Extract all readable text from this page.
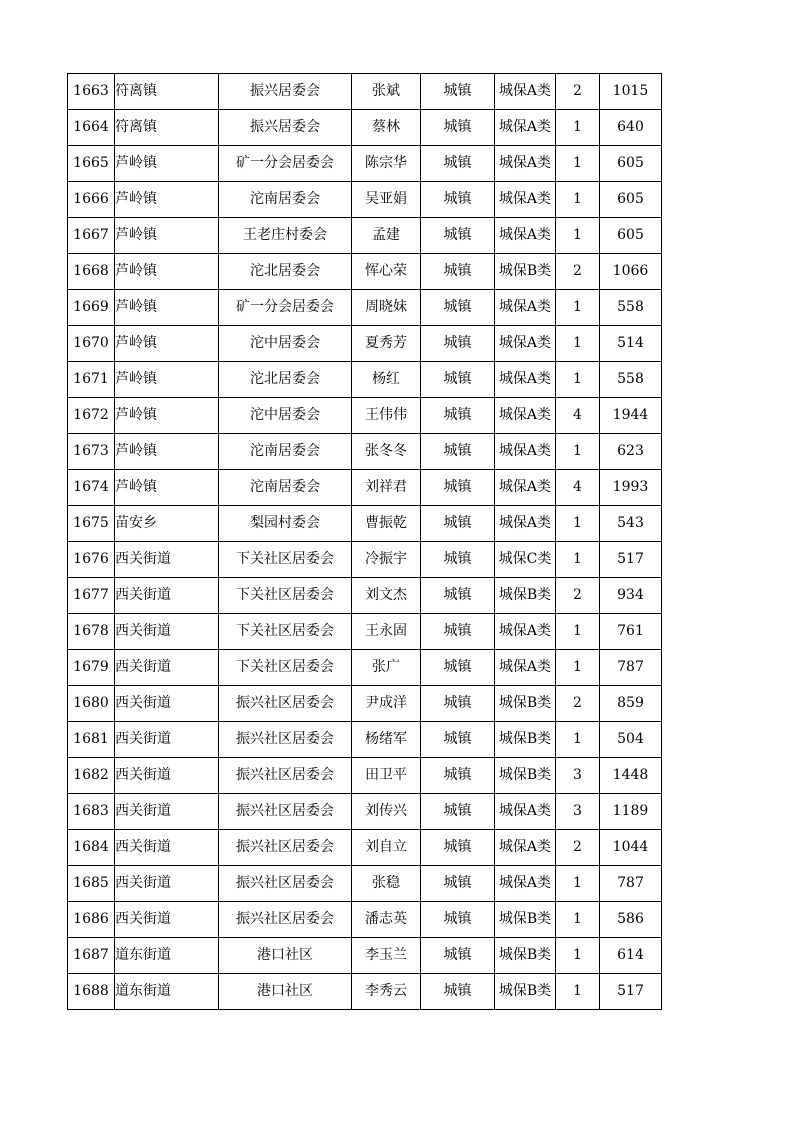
1663	符离镇	振兴居委会	张斌	城镇	城保A类	2	1015
1664	符离镇	振兴居委会	蔡林	城镇	城保A类	1	640
1665	芦岭镇	矿一分会居委会	陈宗华	城镇	城保A类	1	605
1666	芦岭镇	沱南居委会	吴亚娟	城镇	城保A类	1	605
1667	芦岭镇	王老庄村委会	孟建	城镇	城保A类	1	605
1668	芦岭镇	沱北居委会	恽心荣	城镇	城保B类	2	1066
1669	芦岭镇	矿一分会居委会	周晓妹	城镇	城保A类	1	558
1670	芦岭镇	沱中居委会	夏秀芳	城镇	城保A类	1	514
1671	芦岭镇	沱北居委会	杨红	城镇	城保A类	1	558
1672	芦岭镇	沱中居委会	王伟伟	城镇	城保A类	4	1944
1673	芦岭镇	沱南居委会	张冬冬	城镇	城保A类	1	623
1674	芦岭镇	沱南居委会	刘祥君	城镇	城保A类	4	1993
1675	苗安乡	梨园村委会	曹振乾	城镇	城保A类	1	543
1676	西关街道	下关社区居委会	冷振宇	城镇	城保C类	1	517
1677	西关街道	下关社区居委会	刘文杰	城镇	城保B类	2	934
1678	西关街道	下关社区居委会	王永固	城镇	城保A类	1	761
1679	西关街道	下关社区居委会	张广	城镇	城保A类	1	787
1680	西关街道	振兴社区居委会	尹成洋	城镇	城保B类	2	859
1681	西关街道	振兴社区居委会	杨绪军	城镇	城保B类	1	504
1682	西关街道	振兴社区居委会	田卫平	城镇	城保B类	3	1448
1683	西关街道	振兴社区居委会	刘传兴	城镇	城保A类	3	1189
1684	西关街道	振兴社区居委会	刘自立	城镇	城保A类	2	1044
1685	西关街道	振兴社区居委会	张稳	城镇	城保A类	1	787
1686	西关街道	振兴社区居委会	潘志英	城镇	城保B类	1	586
1687	道东街道	港口社区	李玉兰	城镇	城保B类	1	614
1688	道东街道	港口社区	李秀云	城镇	城保B类	1	517
